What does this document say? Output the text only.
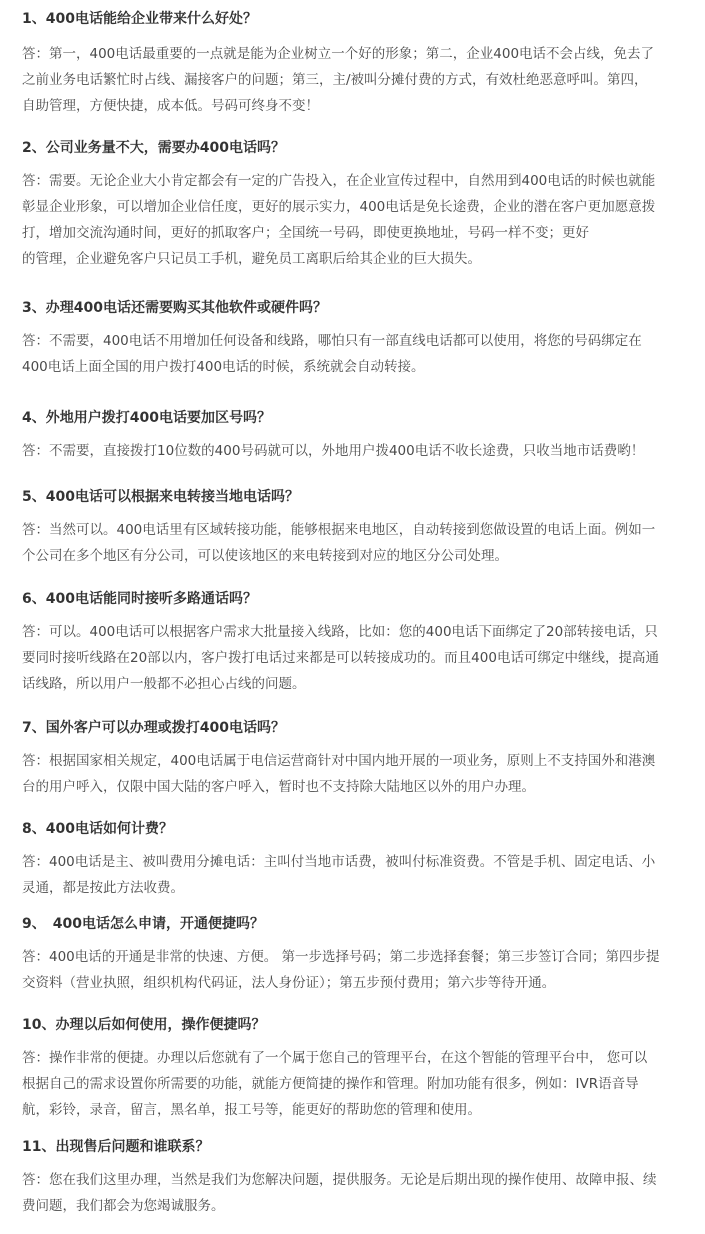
1、400电话能给企业带来什么好处？

答：第一，400电话最重要的一点就是能为企业树立一个好的形象；第二，企业400电话不会占线，免去了
之前业务电话繁忙时占线、漏接客户的问题；第三，主/被叫分摊付费的方式，有效杜绝恶意呼叫。第四，
自助管理，方便快捷，成本低。号码可终身不变！

2、公司业务量不大，需要办400电话吗？

答：需要。无论企业大小肯定都会有一定的广告投入，在企业宣传过程中，自然用到400电话的时候也就能
彰显企业形象，可以增加企业信任度，更好的展示实力，400电话是免长途费，企业的潜在客户更加愿意拨
打，增加交流沟通时间，更好的抓取客户；全国统一号码，即使更换地址，号码一样不变；更好
的管理，企业避免客户只记员工手机，避免员工离职后给其企业的巨大损失。

3、办理400电话还需要购买其他软件或硬件吗？

答：不需要，400电话不用增加任何设备和线路，哪怕只有一部直线电话都可以使用，将您的号码绑定在
400电话上面全国的用户拨打400电话的时候，系统就会自动转接。

4、外地用户拨打400电话要加区号吗？

答：不需要，直接拨打10位数的400号码就可以，外地用户拨400电话不收长途费，只收当地市话费哟！

5、400电话可以根据来电转接当地电话吗？

答：当然可以。400电话里有区域转接功能，能够根据来电地区，自动转接到您做设置的电话上面。例如一
个公司在多个地区有分公司，可以使该地区的来电转接到对应的地区分公司处理。

6、400电话能同时接听多路通话吗？

答：可以。400电话可以根据客户需求大批量接入线路，比如：您的400电话下面绑定了20部转接电话，只
要同时接听线路在20部以内，客户拨打电话过来都是可以转接成功的。而且400电话可绑定中继线，提高通
话线路，所以用户一般都不必担心占线的问题。

7、国外客户可以办理或拨打400电话吗？

答：根据国家相关规定，400电话属于电信运营商针对中国内地开展的一项业务，原则上不支持国外和港澳
台的用户呼入，仅限中国大陆的客户呼入，暂时也不支持除大陆地区以外的用户办理。

8、400电话如何计费？

答：400电话是主、被叫费用分摊电话：主叫付当地市话费，被叫付标准资费。不管是手机、固定电话、小
灵通，都是按此方法收费。

9、　400电话怎么申请，开通便捷吗？

答：400电话的开通是非常的快速、方便。 第一步选择号码；第二步选择套餐；第三步签订合同；第四步提
交资料（营业执照，组织机构代码证，法人身份证）；第五步预付费用；第六步等待开通。

10、办理以后如何使用，操作便捷吗？

答：操作非常的便捷。办理以后您就有了一个属于您自己的管理平台，在这个智能的管理平台中， 您可以
根据自己的需求设置你所需要的功能，就能方便简捷的操作和管理。附加功能有很多，例如：IVR语音导
航，彩铃，录音，留言，黑名单，报工号等，能更好的帮助您的管理和使用。

11、出现售后问题和谁联系？

答：您在我们这里办理，当然是我们为您解决问题，提供服务。无论是后期出现的操作使用、故障申报、续
费问题，我们都会为您竭诚服务。
